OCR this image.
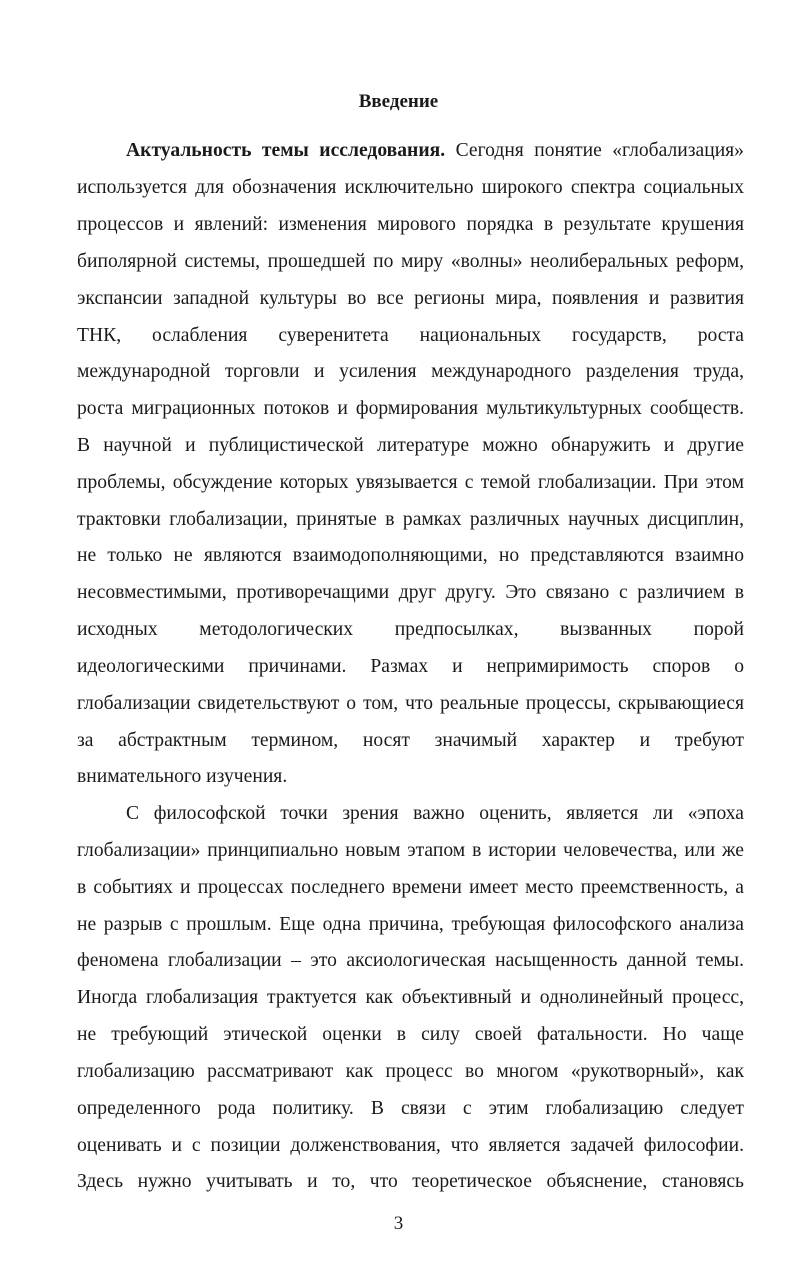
Введение
Актуальность темы исследования. Сегодня понятие «глобализация»
используется для обозначения исключительно широкого спектра социальных
процессов и явлений: изменения мирового порядка в результате крушения
биполярной системы, прошедшей по миру «волны» неолиберальных реформ,
экспансии западной культуры во все регионы мира, появления и развития
ТНК, ослабления суверенитета национальных государств, роста
международной торговли и усиления международного разделения труда,
роста миграционных потоков и формирования мультикультурных сообществ.
В научной и публицистической литературе можно обнаружить и другие
проблемы, обсуждение которых увязывается с темой глобализации. При этом
трактовки глобализации, принятые в рамках различных научных дисциплин,
не только не являются взаимодополняющими, но представляются взаимно
несовместимыми, противоречащими друг другу. Это связано с различием в
исходных методологических предпосылках, вызванных порой
идеологическими причинами. Размах и непримиримость споров о
глобализации свидетельствуют о том, что реальные процессы, скрывающиеся
за абстрактным термином, носят значимый характер и требуют
внимательного изучения.
С философской точки зрения важно оценить, является ли «эпоха
глобализации» принципиально новым этапом в истории человечества, или же
в событиях и процессах последнего времени имеет место преемственность, а
не разрыв с прошлым. Еще одна причина, требующая философского анализа
феномена глобализации – это аксиологическая насыщенность данной темы.
Иногда глобализация трактуется как объективный и однолинейный процесс,
не требующий этической оценки в силу своей фатальности. Но чаще
глобализацию рассматривают как процесс во многом «рукотворный», как
определенного рода политику. В связи с этим глобализацию следует
оценивать и с позиции долженствования, что является задачей философии.
Здесь нужно учитывать и то, что теоретическое объяснение, становясь
3
